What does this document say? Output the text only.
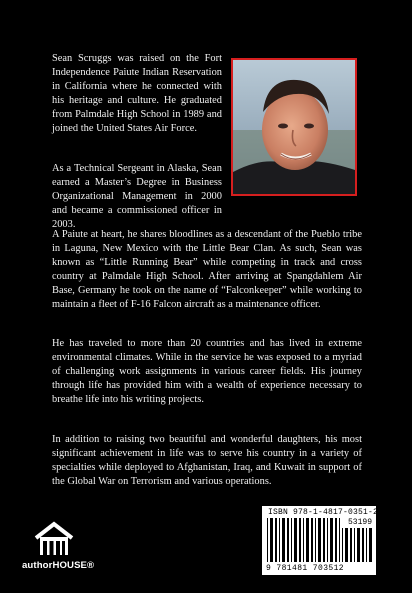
Sean Scruggs was raised on the Fort Independence Paiute Indian Reservation in California where he connected with his heritage and culture. He graduated from Palmdale High School in 1989 and joined the United States Air Force.

As a Technical Sergeant in Alaska, Sean earned a Master’s Degree in Business Organizational Management in 2000 and became a commissioned officer in 2003.

A Paiute at heart, he shares bloodlines as a descendant of the Pueblo tribe in Laguna, New Mexico with the Little Bear Clan. As such, Sean was known as “Little Running Bear” while competing in track and cross country at Palmdale High School. After arriving at Spangdahlem Air Base, Germany he took on the name of “Falconkeeper” while working to maintain a fleet of F-16 Falcon aircraft as a maintenance officer.

He has traveled to more than 20 countries and has lived in extreme environmental climates. While in the service he was exposed to a myriad of challenging work assignments in various career fields. His journey through life has provided him with a wealth of experience necessary to breathe life into his writing projects.

In addition to raising two beautiful and wonderful daughters, his most significant achievement in life was to serve his country in a variety of specialties while deployed to Afghanistan, Iraq, and Kuwait in support of the Global War on Terrorism and various operations.

authorHOUSE®
ISBN 978-1-4817-0351-2
53199
9 781481 703512
